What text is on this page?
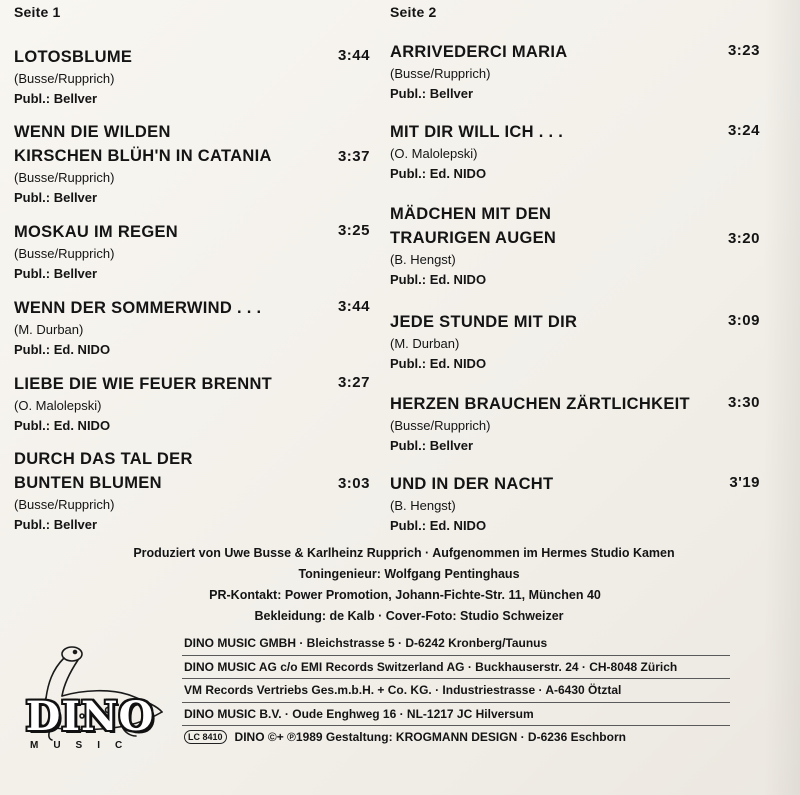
Seite 1	Seite 2
LOTOSBLUME	3:44
(Busse/Rupprich)
Publ.: Bellver
WENN DIE WILDEN
KIRSCHEN BLÜH'N IN CATANIA	3:37
(Busse/Rupprich)
Publ.: Bellver
MOSKAU IM REGEN	3:25
(Busse/Rupprich)
Publ.: Bellver
WENN DER SOMMERWIND . . .	3:44
(M. Durban)
Publ.: Ed. NIDO
LIEBE DIE WIE FEUER BRENNT	3:27
(O. Malolepski)
Publ.: Ed. NIDO
DURCH DAS TAL DER
BUNTEN BLUMEN	3:03
(Busse/Rupprich)
Publ.: Bellver
ARRIVEDERCI MARIA	3:23
(Busse/Rupprich)
Publ.: Bellver
MIT DIR WILL ICH . . .	3:24
(O. Malolepski)
Publ.: Ed. NIDO
MÄDCHEN MIT DEN
TRAURIGEN AUGEN	3:20
(B. Hengst)
Publ.: Ed. NIDO
JEDE STUNDE MIT DIR	3:09
(M. Durban)
Publ.: Ed. NIDO
HERZEN BRAUCHEN ZÄRTLICHKEIT	3:30
(Busse/Rupprich)
Publ.: Bellver
UND IN DER NACHT	3'19
(B. Hengst)
Publ.: Ed. NIDO
Produziert von Uwe Busse & Karlheinz Rupprich · Aufgenommen im Hermes Studio Kamen
Toningenieur: Wolfgang Pentinghaus
PR-Kontakt: Power Promotion, Johann-Fichte-Str. 11, München 40
Bekleidung: de Kalb · Cover-Foto: Studio Schweizer
DINO
MUSIC
DINO MUSIC GMBH · Bleichstrasse 5 · D-6242 Kronberg/Taunus
DINO MUSIC AG c/o EMI Records Switzerland AG · Buckhauserstr. 24 · CH-8048 Zürich
VM Records Vertriebs Ges.m.b.H. + Co. KG. · Industriestrasse · A-6430 Ötztal
DINO MUSIC B.V. · Oude Enghweg 16 · NL-1217 JC Hilversum
LC 8410	DINO ©+ ℗1989 Gestaltung: KROGMANN DESIGN · D-6236 Eschborn
